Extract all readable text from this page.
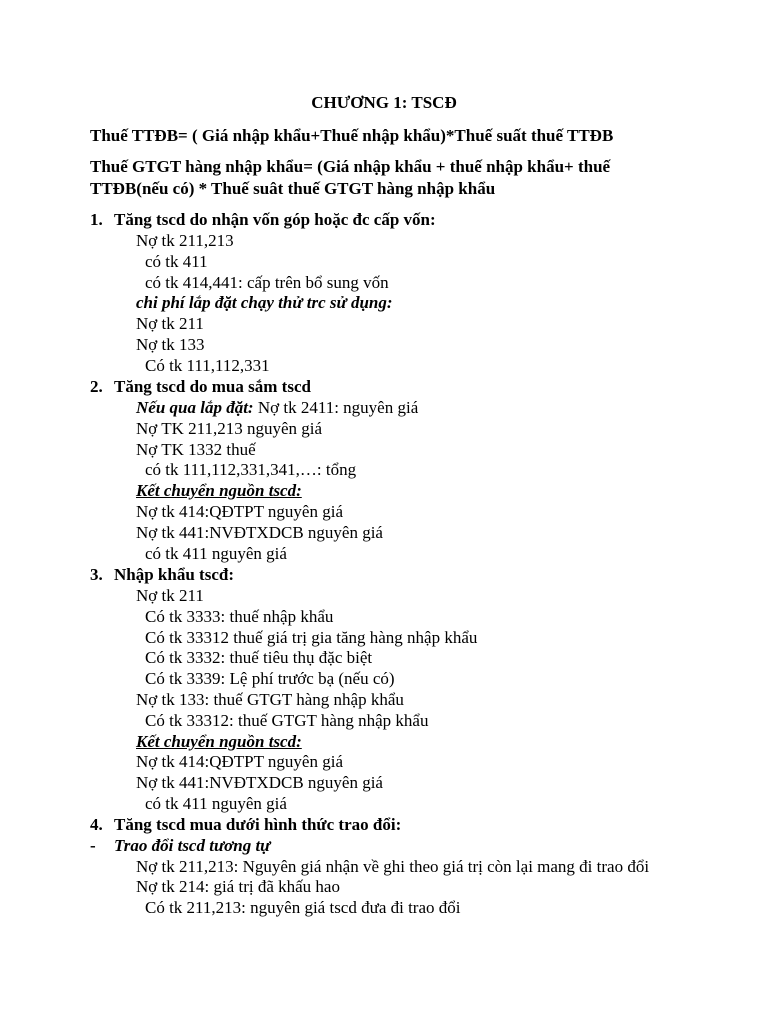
CHƯƠNG 1: TSCĐ
Thuế TTĐB= ( Giá nhập khẩu+Thuế nhập khẩu)*Thuế suất thuế TTĐB
Thuế GTGT hàng nhập khẩu= (Giá nhập khẩu + thuế nhập khẩu+ thuế TTĐB(nếu có) * Thuế suât thuế GTGT hàng nhập khẩu
1. Tăng tscd do nhận vốn góp hoặc đc cấp vốn:
Nợ tk 211,213
có tk 411
có tk 414,441: cấp trên bổ sung vốn
chi phí lắp đặt chạy thử trc sử dụng:
Nợ tk 211
Nợ tk 133
Có tk 111,112,331
2. Tăng tscd do mua sắm tscd
Nếu qua lắp đặt: Nợ tk 2411: nguyên giá
Nợ TK 211,213 nguyên giá
Nợ TK 1332 thuế
có tk 111,112,331,341,…: tổng
Kết chuyển nguồn tscd:
Nợ tk 414:QĐTPT nguyên giá
Nợ tk 441:NVĐTXDCB nguyên giá
có tk 411 nguyên giá
3. Nhập khẩu tscđ:
Nợ tk 211
Có tk 3333: thuế nhập khẩu
Có tk 33312 thuế giá trị gia tăng hàng nhập khẩu
Có tk 3332: thuế tiêu thụ đặc biệt
Có tk 3339: Lệ phí trước bạ (nếu có)
Nợ tk 133: thuế GTGT hàng nhập khẩu
Có tk 33312: thuế GTGT hàng nhập khẩu
Kết chuyển nguồn tscd:
Nợ tk 414:QĐTPT nguyên giá
Nợ tk 441:NVĐTXDCB nguyên giá
có tk 411 nguyên giá
4. Tăng tscd mua dưới hình thức trao đổi:
- Trao đổi tscd tương tự
Nợ tk 211,213: Nguyên giá nhận về ghi theo giá trị còn lại mang đi trao đổi
Nợ tk 214: giá trị đã khấu hao
Có tk 211,213: nguyên giá tscd đưa đi trao đổi
